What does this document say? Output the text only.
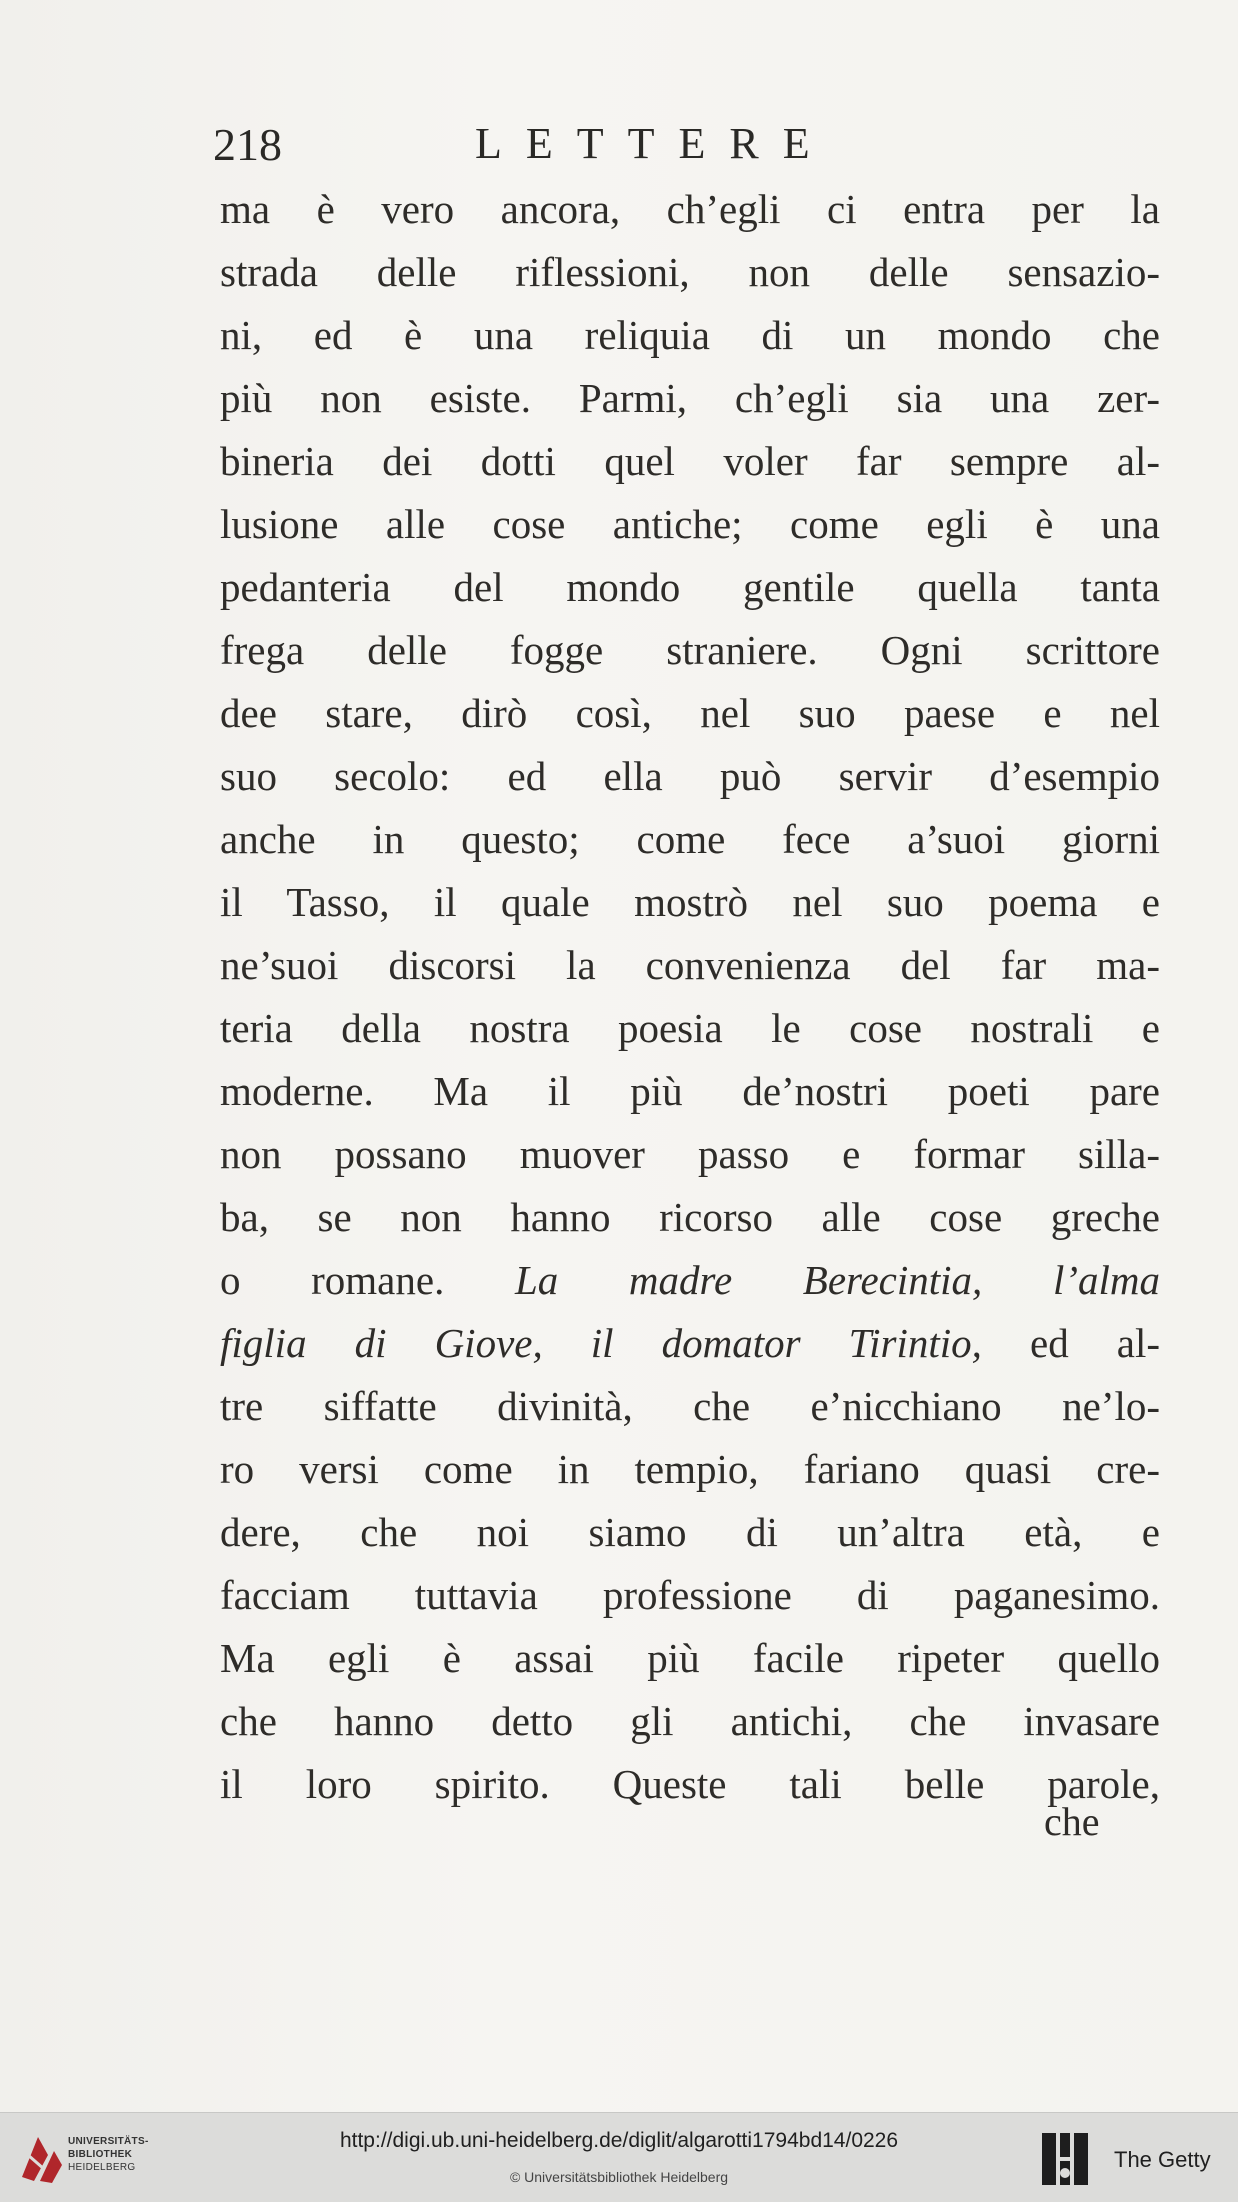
218	LETTERE
ma è vero ancora, ch’egli ci entra per la
strada delle riflessioni, non delle sensazio-
ni, ed è una reliquia di un mondo che
più non esiste. Parmi, ch’egli sia una zer-
bineria dei dotti quel voler far sempre al-
lusione alle cose antiche; come egli è una
pedanteria del mondo gentile quella tanta
frega delle fogge straniere. Ogni scrittore
dee stare, dirò così, nel suo paese e nel
suo secolo: ed ella può servir d’esempio
anche in questo; come fece a’suoi giorni
il Tasso, il quale mostrò nel suo poema e
ne’suoi discorsi la convenienza del far ma-
teria della nostra poesia le cose nostrali e
moderne. Ma il più de’nostri poeti pare
non possano muover passo e formar silla-
ba, se non hanno ricorso alle cose greche
o romane. La madre Berecintia, l’alma
figlia di Giove, il domator Tirintio, ed al-
tre siffatte divinità, che e’nicchiano ne’lo-
ro versi come in tempio, fariano quasi cre-
dere, che noi siamo di un’altra età, e
facciam tuttavia professione di paganesimo.
Ma egli è assai più facile ripeter quello
che hanno detto gli antichi, che invasare
il loro spirito. Queste tali belle parole,
che
UNIVERSITÄTS-
BIBLIOTHEK
HEIDELBERG
http://digi.ub.uni-heidelberg.de/diglit/algarotti1794bd14/0226
© Universitätsbibliothek Heidelberg
The Getty
